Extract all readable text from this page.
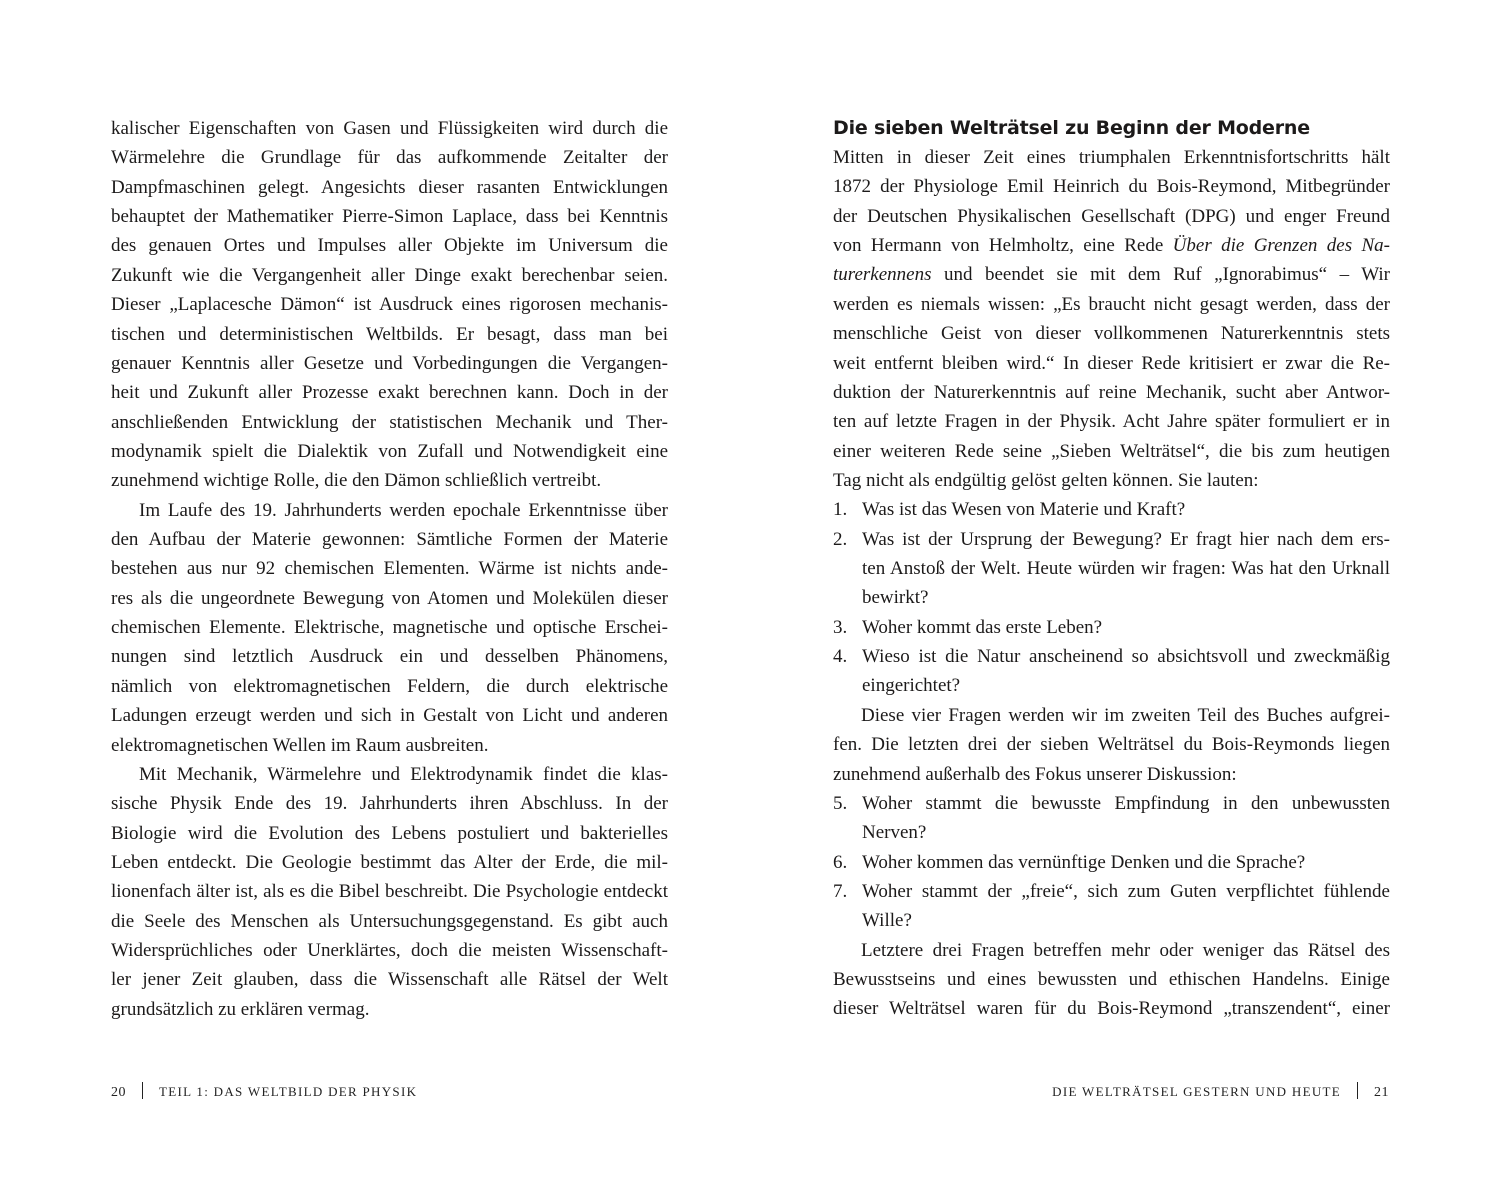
kalischer Eigenschaften von Gasen und Flüssigkeiten wird durch die
Wärmelehre die Grundlage für das aufkommende Zeitalter der
Dampfmaschinen gelegt. Angesichts dieser rasanten Entwicklungen
behauptet der Mathematiker Pierre-Simon Laplace, dass bei Kenntnis
des genauen Ortes und Impulses aller Objekte im Universum die
Zukunft wie die Vergangenheit aller Dinge exakt berechenbar seien.
Dieser „Laplacesche Dämon“ ist Ausdruck eines rigorosen mechanis-
tischen und deterministischen Weltbilds. Er besagt, dass man bei
genauer Kenntnis aller Gesetze und Vorbedingungen die Vergangen-
heit und Zukunft aller Prozesse exakt berechnen kann. Doch in der
anschließenden Entwicklung der statistischen Mechanik und Ther-
modynamik spielt die Dialektik von Zufall und Notwendigkeit eine
zunehmend wichtige Rolle, die den Dämon schließlich vertreibt.
Im Laufe des 19. Jahrhunderts werden epochale Erkenntnisse über
den Aufbau der Materie gewonnen: Sämtliche Formen der Materie
bestehen aus nur 92 chemischen Elementen. Wärme ist nichts ande-
res als die ungeordnete Bewegung von Atomen und Molekülen dieser
chemischen Elemente. Elektrische, magnetische und optische Erschei-
nungen sind letztlich Ausdruck ein und desselben Phänomens,
nämlich von elektromagnetischen Feldern, die durch elektrische
Ladungen erzeugt werden und sich in Gestalt von Licht und anderen
elektromagnetischen Wellen im Raum ausbreiten.
Mit Mechanik, Wärmelehre und Elektrodynamik findet die klas-
sische Physik Ende des 19. Jahrhunderts ihren Abschluss. In der
Biologie wird die Evolution des Lebens postuliert und bakterielles
Leben entdeckt. Die Geologie bestimmt das Alter der Erde, die mil-
lionenfach älter ist, als es die Bibel beschreibt. Die Psychologie entdeckt
die Seele des Menschen als Untersuchungsgegenstand. Es gibt auch
Widersprüchliches oder Unerklärtes, doch die meisten Wissenschaft-
ler jener Zeit glauben, dass die Wissenschaft alle Rätsel der Welt
grundsätzlich zu erklären vermag.
Die sieben Welträtsel zu Beginn der Moderne
Mitten in dieser Zeit eines triumphalen Erkenntnisfortschritts hält
1872 der Physiologe Emil Heinrich du Bois-Reymond, Mitbegründer
der Deutschen Physikalischen Gesellschaft (DPG) und enger Freund
von Hermann von Helmholtz, eine Rede Über die Grenzen des Na-
turerkennens und beendet sie mit dem Ruf „Ignorabimus“ – Wir
werden es niemals wissen: „Es braucht nicht gesagt werden, dass der
menschliche Geist von dieser vollkommenen Naturerkenntnis stets
weit entfernt bleiben wird.“ In dieser Rede kritisiert er zwar die Re-
duktion der Naturerkenntnis auf reine Mechanik, sucht aber Antwor-
ten auf letzte Fragen in der Physik. Acht Jahre später formuliert er in
einer weiteren Rede seine „Sieben Welträtsel“, die bis zum heutigen
Tag nicht als endgültig gelöst gelten können. Sie lauten:
1. Was ist das Wesen von Materie und Kraft?
2. Was ist der Ursprung der Bewegung? Er fragt hier nach dem ers-
ten Anstoß der Welt. Heute würden wir fragen: Was hat den Urknall
bewirkt?
3. Woher kommt das erste Leben?
4. Wieso ist die Natur anscheinend so absichtsvoll und zweckmäßig
eingerichtet?
Diese vier Fragen werden wir im zweiten Teil des Buches aufgrei-
fen. Die letzten drei der sieben Welträtsel du Bois-Reymonds liegen
zunehmend außerhalb des Fokus unserer Diskussion:
5. Woher stammt die bewusste Empfindung in den unbewussten
Nerven?
6. Woher kommen das vernünftige Denken und die Sprache?
7. Woher stammt der „freie“, sich zum Guten verpflichtet fühlende
Wille?
Letztere drei Fragen betreffen mehr oder weniger das Rätsel des
Bewusstseins und eines bewussten und ethischen Handelns. Einige
dieser Welträtsel waren für du Bois-Reymond „transzendent“, einer
20	TEIL 1: DAS WELTBILD DER PHYSIK	DIE WELTRÄTSEL GESTERN UND HEUTE 21
